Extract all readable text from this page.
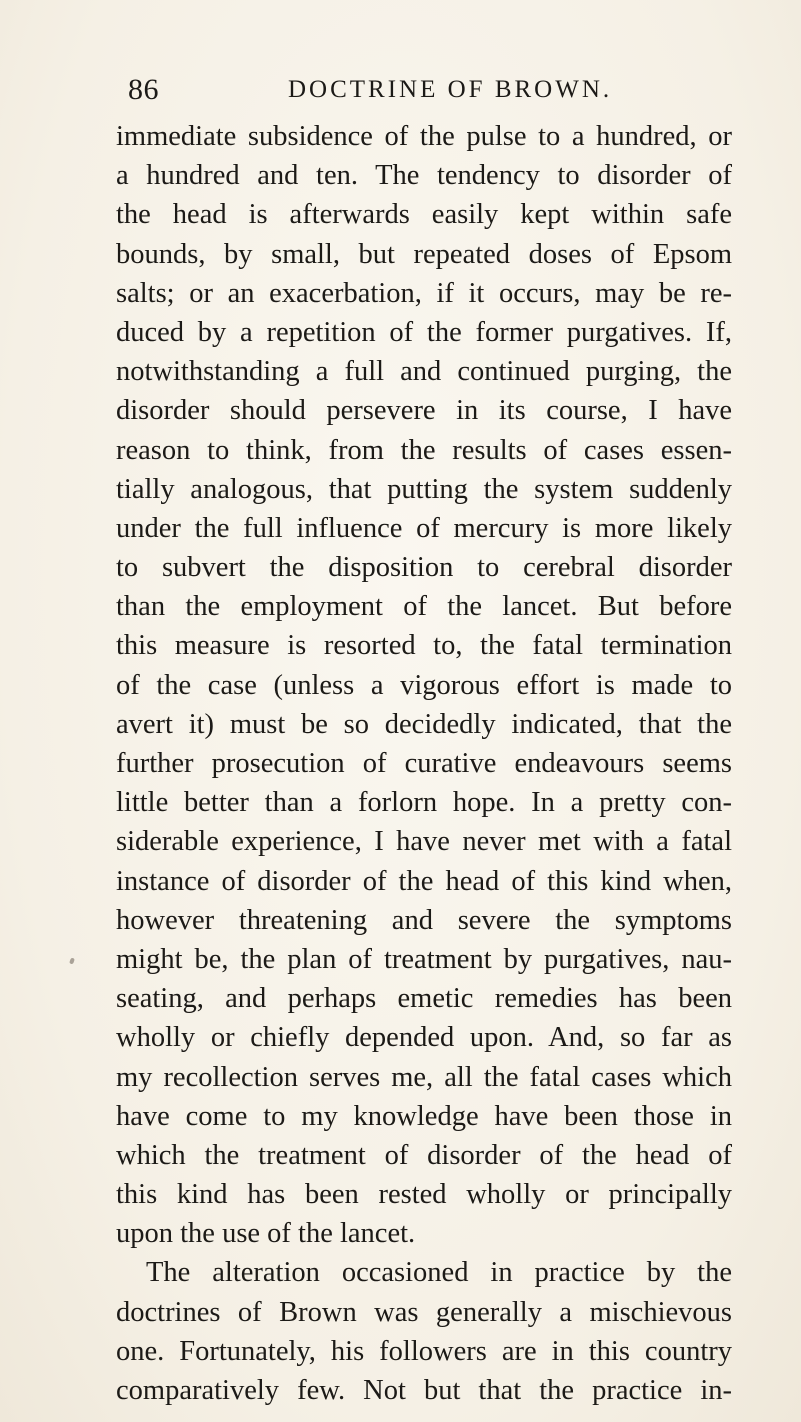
86	DOCTRINE OF BROWN.
immediate subsidence of the pulse to a hundred, or
a hundred and ten. The tendency to disorder of
the head is afterwards easily kept within safe
bounds, by small, but repeated doses of Epsom
salts; or an exacerbation, if it occurs, may be re-
duced by a repetition of the former purgatives. If,
notwithstanding a full and continued purging, the
disorder should persevere in its course, I have
reason to think, from the results of cases essen-
tially analogous, that putting the system suddenly
under the full influence of mercury is more likely
to subvert the disposition to cerebral disorder
than the employment of the lancet. But before
this measure is resorted to, the fatal termination
of the case (unless a vigorous effort is made to
avert it) must be so decidedly indicated, that the
further prosecution of curative endeavours seems
little better than a forlorn hope. In a pretty con-
siderable experience, I have never met with a fatal
instance of disorder of the head of this kind when,
however threatening and severe the symptoms
might be, the plan of treatment by purgatives, nau-
seating, and perhaps emetic remedies has been
wholly or chiefly depended upon. And, so far as
my recollection serves me, all the fatal cases which
have come to my knowledge have been those in
which the treatment of disorder of the head of
this kind has been rested wholly or principally
upon the use of the lancet.
The alteration occasioned in practice by the
doctrines of Brown was generally a mischievous
one. Fortunately, his followers are in this country
comparatively few. Not but that the practice in-
